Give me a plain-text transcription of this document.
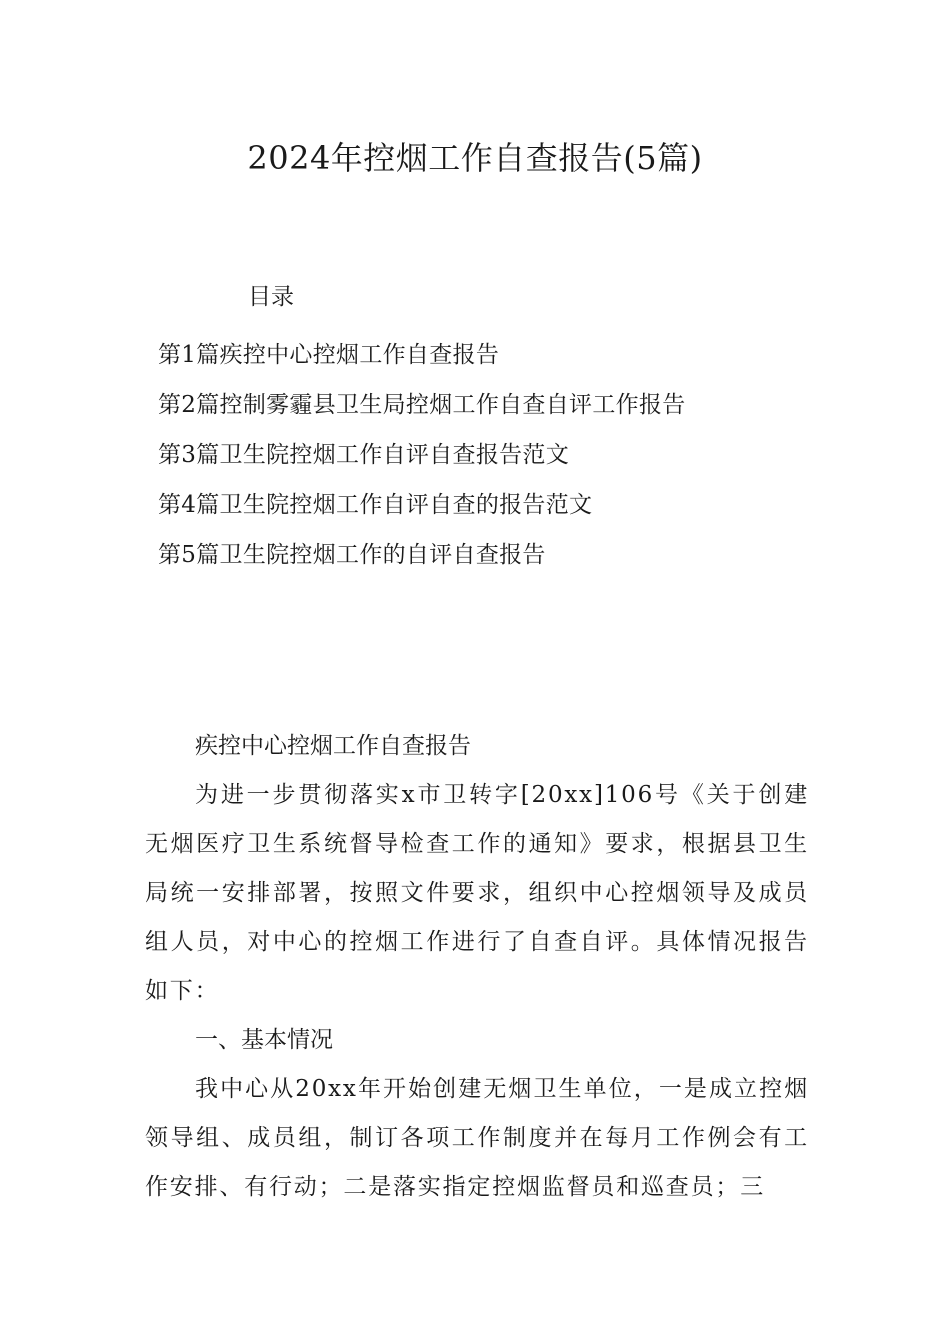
2024年控烟工作自查报告(5篇)
目录
第1篇疾控中心控烟工作自查报告
第2篇控制雾霾县卫生局控烟工作自查自评工作报告
第3篇卫生院控烟工作自评自查报告范文
第4篇卫生院控烟工作自评自查的报告范文
第5篇卫生院控烟工作的自评自查报告
疾控中心控烟工作自查报告

为进一步贯彻落实x市卫转字[20xx]106号《关于创建无烟医疗卫生系统督导检查工作的通知》要求，根据县卫生局统一安排部署，按照文件要求，组织中心控烟领导及成员组人员，对中心的控烟工作进行了自查自评。具体情况报告如下：

一、基本情况

我中心从20xx年开始创建无烟卫生单位，一是成立控烟领导组、成员组，制订各项工作制度并在每月工作例会有工作安排、有行动；二是落实指定控烟监督员和巡查员；三
